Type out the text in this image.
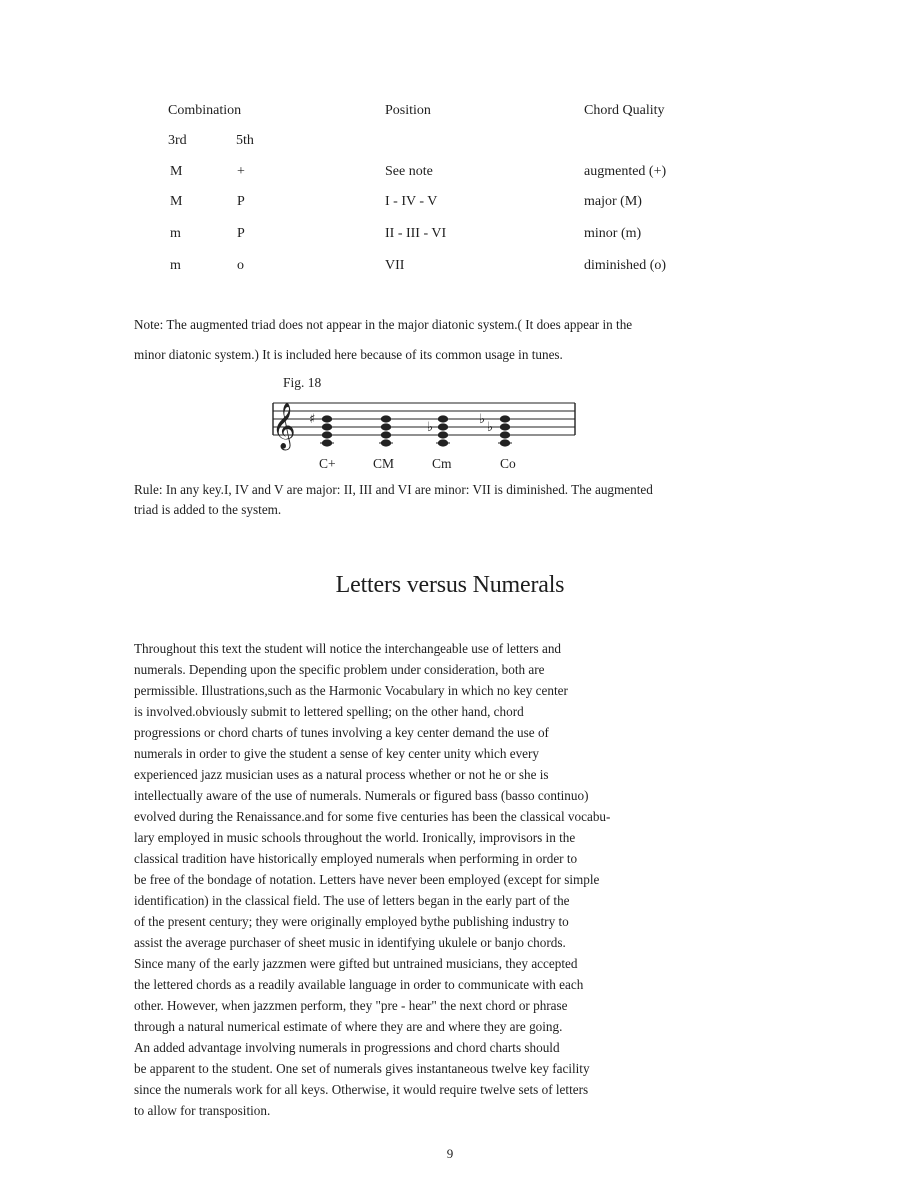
Combination	Position	Chord Quality
3rd	5th
M	+	See note	augmented (+)
M	P	I - IV - V	major (M)
m	P	II - III - VI	minor (m)
m	o	VII	diminished (o)
Note: The augmented triad does not appear in the major diatonic system.( It does appear in the
minor diatonic system.) It is included here because of its common usage in tunes.
Fig. 18
𝄞 ♯
♭
♭
♭
C+	CM	Cm	Co
Rule: In any key.I, IV and V are major: II, III and VI are minor: VII is diminished. The augmented
triad is added to the system.
Letters versus Numerals
Throughout this text the student will notice the interchangeable use of letters and
numerals. Depending upon the specific problem under consideration, both are
permissible. Illustrations,such as the Harmonic Vocabulary in which no key center
is involved.obviously submit to lettered spelling; on the other hand, chord
progressions or chord charts of tunes involving a key center demand the use of
numerals in order to give the student a sense of key center unity which every
experienced jazz musician uses as a natural process whether or not he or she is
intellectually aware of the use of numerals. Numerals or figured bass (basso continuo)
evolved during the Renaissance.and for some five centuries has been the classical vocabu-
lary employed in music schools throughout the world. Ironically, improvisors in the
classical tradition have historically employed numerals when performing in order to
be free of the bondage of notation. Letters have never been employed (except for simple
identification) in the classical field. The use of letters began in the early part of the
of the present century; they were originally employed bythe publishing industry to
assist the average purchaser of sheet music in identifying ukulele or banjo chords.
Since many of the early jazzmen were gifted but untrained musicians, they accepted
the lettered chords as a readily available language in order to communicate with each
other. However, when jazzmen perform, they "pre - hear" the next chord or phrase
through a natural numerical estimate of where they are and where they are going.
An added advantage involving numerals in progressions and chord charts should
be apparent to the student. One set of numerals gives instantaneous twelve key facility
since the numerals work for all keys. Otherwise, it would require twelve sets of letters
to allow for transposition.
9
